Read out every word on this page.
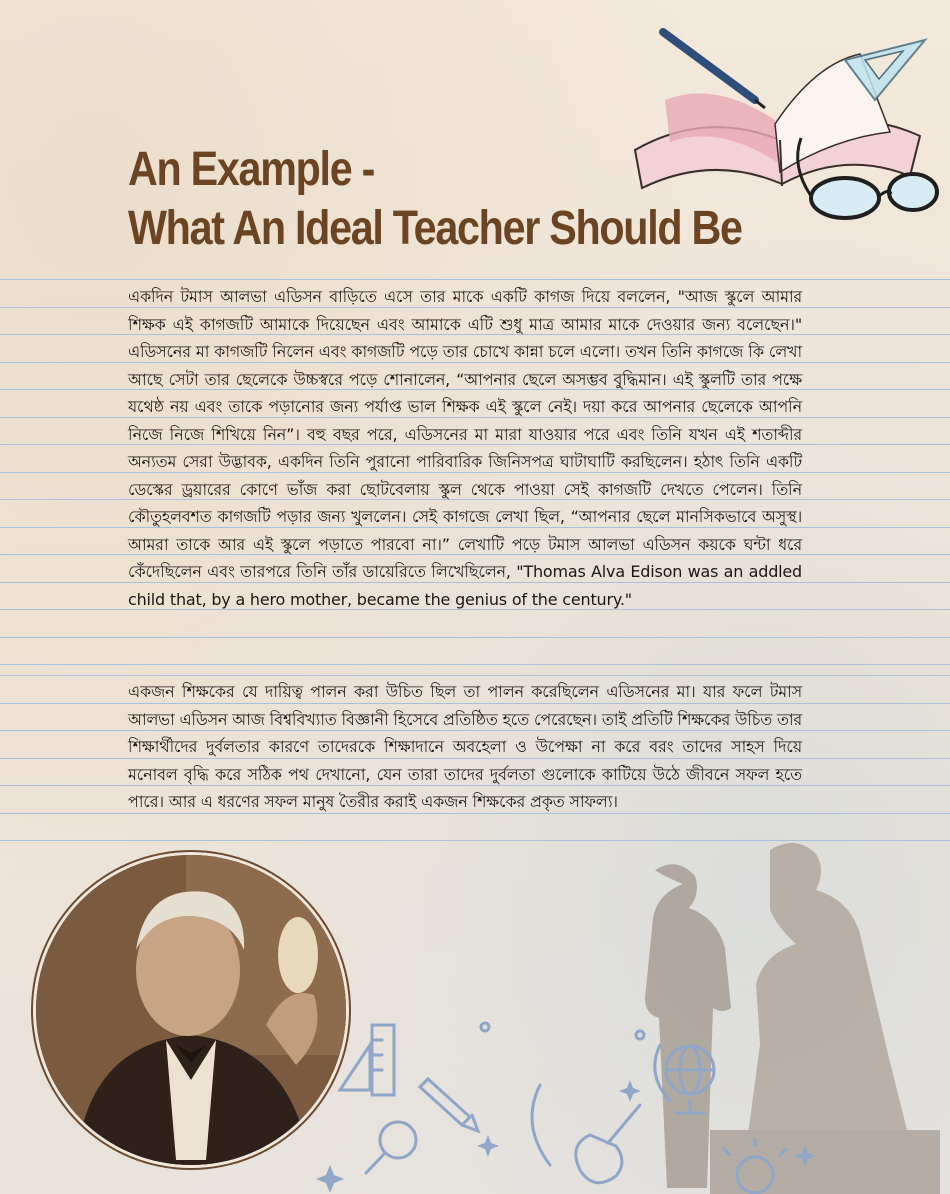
An Example -
What An Ideal Teacher Should Be

একদিন টমাস আলভা এডিসন বাড়িতে এসে তার মাকে একটি কাগজ দিয়ে বললেন, "আজ স্কুলে আমার শিক্ষক এই কাগজটি আমাকে দিয়েছেন এবং আমাকে এটি শুধু মাত্র আমার মাকে দেওয়ার জন্য বলেছেন।" এডিসনের মা কাগজটি নিলেন এবং কাগজটি পড়ে তার চোখে কান্না চলে এলো। তখন তিনি কাগজে কি লেখা আছে সেটা তার ছেলেকে উচ্চস্বরে পড়ে শোনালেন, “আপনার ছেলে অসম্ভব বুদ্ধিমান। এই স্কুলটি তার পক্ষে যথেষ্ঠ নয় এবং তাকে পড়ানোর জন্য পর্যাপ্ত ভাল শিক্ষক এই স্কুলে নেই। দয়া করে আপনার ছেলেকে আপনি নিজে নিজে শিখিয়ে নিন”। বহু বছর পরে, এডিসনের মা মারা যাওয়ার পরে এবং তিনি যখন এই শতাব্দীর অন্যতম সেরা উদ্ভাবক, একদিন তিনি পুরানো পারিবারিক জিনিসপত্র ঘাটাঘাটি করছিলেন। হঠাৎ তিনি একটি ডেস্কের ড্রয়ারের কোণে ভাঁজ করা ছোটবেলায় স্কুল থেকে পাওয়া সেই কাগজটি দেখতে পেলেন। তিনি কৌতুহলবশত কাগজটি পড়ার জন্য খুললেন। সেই কাগজে লেখা ছিল, “আপনার ছেলে মানসিকভাবে অসুস্থ। আমরা তাকে আর এই স্কুলে পড়াতে পারবো না।” লেখাটি পড়ে টমাস আলভা এডিসন কয়কে ঘন্টা ধরে কেঁদেছিলেন এবং তারপরে তিনি তাঁর ডায়েরিতে লিখেছিলেন, "Thomas Alva Edison was an addled child that, by a hero mother, became the genius of the century."

একজন শিক্ষকের যে দায়িত্ব পালন করা উচিত ছিল তা পালন করেছিলেন এডিসনের মা। যার ফলে টমাস আলভা এডিসন আজ বিশ্ববিখ্যাত বিজ্ঞানী হিসেবে প্রতিষ্ঠিত হতে পেরেছেন। তাই প্রতিটি শিক্ষকের উচিত তার শিক্ষার্থীদের দুর্বলতার কারণে তাদেরকে শিক্ষাদানে অবহেলা ও উপেক্ষা না করে বরং তাদের সাহস দিয়ে মনোবল বৃদ্ধি করে সঠিক পথ দেখানো, যেন তারা তাদের দুর্বলতা গুলোকে কাটিয়ে উঠে জীবনে সফল হতে পারে। আর এ ধরণের সফল মানুষ তৈরীর করাই একজন শিক্ষকের প্রকৃত সাফল্য।
